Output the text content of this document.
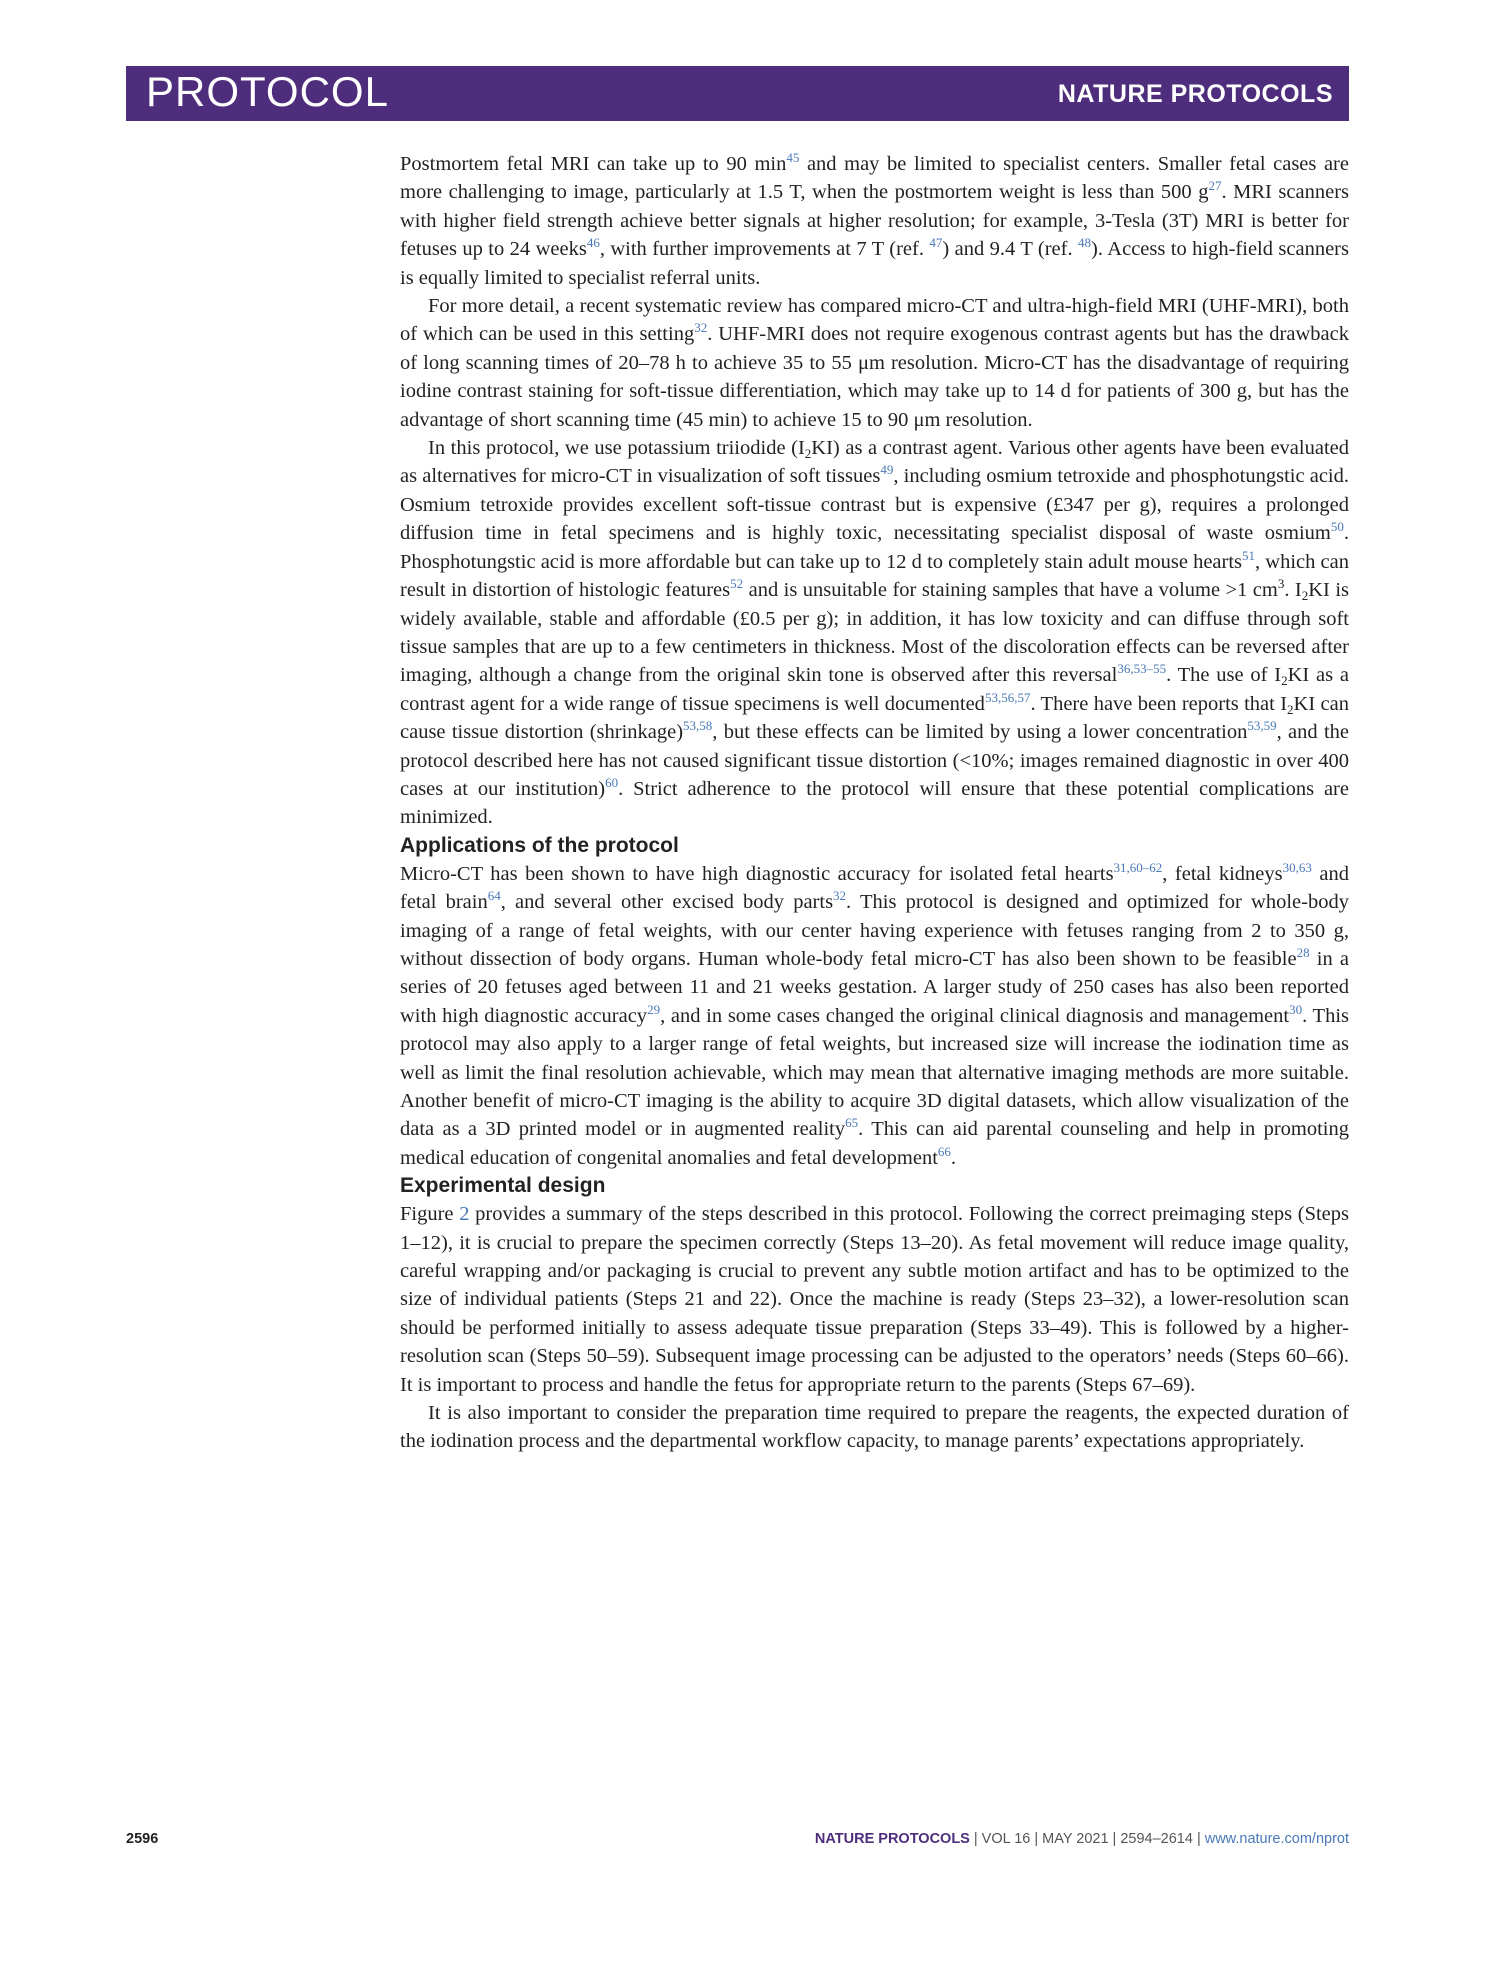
PROTOCOL	NATURE PROTOCOLS

Postmortem fetal MRI can take up to 90 min$^{45}$ and may be limited to specialist centers. Smaller fetal cases are more challenging to image, particularly at 1.5 T, when the postmortem weight is less than 500 g$^{27}$. MRI scanners with higher field strength achieve better signals at higher resolution; for example, 3-Tesla (3T) MRI is better for fetuses up to 24 weeks$^{46}$, with further improvements at 7 T (ref. $^{47}$) and 9.4 T (ref. $^{48}$). Access to high-field scanners is equally limited to specialist referral units.

For more detail, a recent systematic review has compared micro-CT and ultra-high-field MRI (UHF-MRI), both of which can be used in this setting$^{32}$. UHF-MRI does not require exogenous contrast agents but has the drawback of long scanning times of 20–78 h to achieve 35 to 55 μm resolution. Micro-CT has the disadvantage of requiring iodine contrast staining for soft-tissue differentiation, which may take up to 14 d for patients of 300 g, but has the advantage of short scanning time (45 min) to achieve 15 to 90 μm resolution.

In this protocol, we use potassium triiodide $(I_2KI)$ as a contrast agent. Various other agents have been evaluated as alternatives for micro-CT in visualization of soft tissues$^{49}$, including osmium tetroxide and phosphotungstic acid. Osmium tetroxide provides excellent soft-tissue contrast but is expensive (£347 per g), requires a prolonged diffusion time in fetal specimens and is highly toxic, necessitating specialist disposal of waste osmium$^{50}$. Phosphotungstic acid is more affordable but can take up to 12 d to completely stain adult mouse hearts$^{51}$, which can result in distortion of histologic features$^{52}$ and is unsuitable for staining samples that have a volume >1 $cm^3$. $I_2KI$ is widely available, stable and affordable (£0.5 per g); in addition, it has low toxicity and can diffuse through soft tissue samples that are up to a few centimeters in thickness. Most of the discoloration effects can be reversed after imaging, although a change from the original skin tone is observed after this reversal$^{36,53-55}$. The use of $I_2KI$ as a contrast agent for a wide range of tissue specimens is well documented$^{53,56,57}$. There have been reports that $I_2KI$ can cause tissue distortion (shrinkage)$^{53,58}$, but these effects can be limited by using a lower concentration$^{53,59}$, and the protocol described here has not caused significant tissue distortion (<10%; images remained diagnostic in over 400 cases at our institution)$^{60}$. Strict adherence to the protocol will ensure that these potential complications are minimized.

Applications of the protocol

Micro-CT has been shown to have high diagnostic accuracy for isolated fetal hearts$^{31,60-62}$, fetal kidneys$^{30,63}$ and fetal brain$^{64}$, and several other excised body parts$^{32}$. This protocol is designed and optimized for whole-body imaging of a range of fetal weights, with our center having experience with fetuses ranging from 2 to 350 g, without dissection of body organs. Human whole-body fetal micro-CT has also been shown to be feasible$^{28}$ in a series of 20 fetuses aged between 11 and 21 weeks gestation. A larger study of 250 cases has also been reported with high diagnostic accuracy$^{29}$, and in some cases changed the original clinical diagnosis and management$^{30}$. This protocol may also apply to a larger range of fetal weights, but increased size will increase the iodination time as well as limit the final resolution achievable, which may mean that alternative imaging methods are more suitable. Another benefit of micro-CT imaging is the ability to acquire 3D digital datasets, which allow visualization of the data as a 3D printed model or in augmented reality$^{65}$. This can aid parental counseling and help in promoting medical education of congenital anomalies and fetal development$^{66}$.

Experimental design

Figure 2 provides a summary of the steps described in this protocol. Following the correct preimaging steps (Steps 1–12), it is crucial to prepare the specimen correctly (Steps 13–20). As fetal movement will reduce image quality, careful wrapping and/or packaging is crucial to prevent any subtle motion artifact and has to be optimized to the size of individual patients (Steps 21 and 22). Once the machine is ready (Steps 23–32), a lower-resolution scan should be performed initially to assess adequate tissue preparation (Steps 33–49). This is followed by a higher-resolution scan (Steps 50–59). Subsequent image processing can be adjusted to the operators’ needs (Steps 60–66). It is important to process and handle the fetus for appropriate return to the parents (Steps 67–69).

It is also important to consider the preparation time required to prepare the reagents, the expected duration of the iodination process and the departmental workflow capacity, to manage parents’ expectations appropriately.

2596	NATURE PROTOCOLS | VOL 16 | MAY 2021 | 2594–2614 | www.nature.com/nprot
